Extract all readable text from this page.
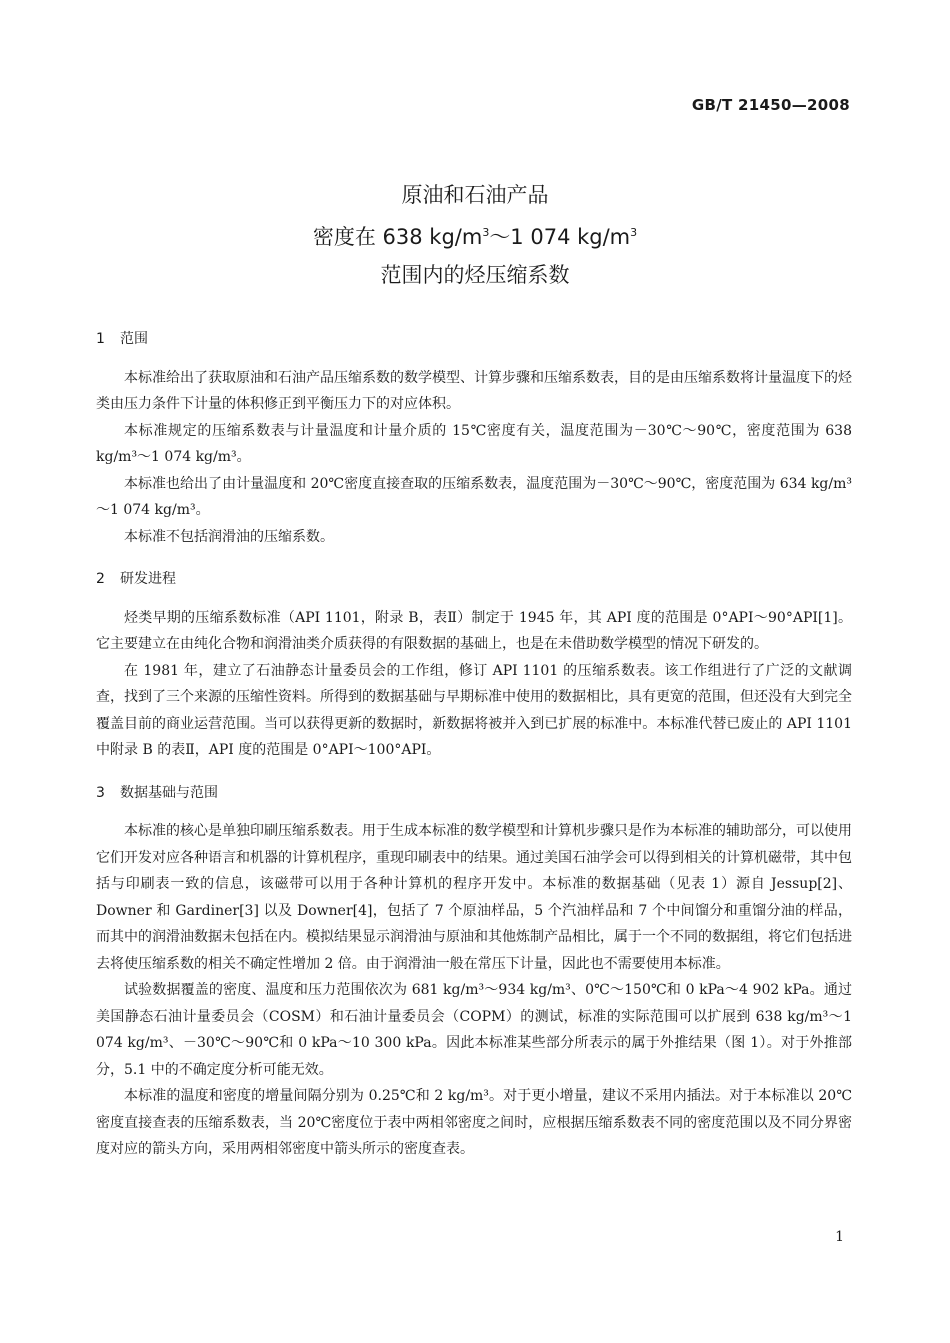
GB/T 21450—2008
原油和石油产品
密度在 638 $kg/m^3\sim 1$ 074 $kg/m^3$
范围内的烃压缩系数
1 范围

本标准给出了获取原油和石油产品压缩系数的数学模型、计算步骤和压缩系数表，目的是由压缩系数将计量温度下的烃类由压力条件下计量的体积修正到平衡压力下的对应体积。

本标准规定的压缩系数表与计量温度和计量介质的 15℃密度有关，温度范围为－30℃～90℃，密度范围为 638 kg/m³～1 074 kg/m³。

本标准也给出了由计量温度和 20℃密度直接查取的压缩系数表，温度范围为－30℃～90℃，密度范围为 634 kg/m³～1 074 kg/m³。

本标准不包括润滑油的压缩系数。

2 研发进程

烃类早期的压缩系数标准（API 1101，附录 B，表Ⅱ）制定于 1945 年，其 API 度的范围是 0°API～90°API[1]。它主要建立在由纯化合物和润滑油类介质获得的有限数据的基础上，也是在未借助数学模型的情况下研发的。

在 1981 年，建立了石油静态计量委员会的工作组，修订 API 1101 的压缩系数表。该工作组进行了广泛的文献调查，找到了三个来源的压缩性资料。所得到的数据基础与早期标准中使用的数据相比，具有更宽的范围，但还没有大到完全覆盖目前的商业运营范围。当可以获得更新的数据时，新数据将被并入到已扩展的标准中。本标准代替已废止的 API 1101 中附录 B 的表Ⅱ，API 度的范围是 0°API～100°API。

3 数据基础与范围

本标准的核心是单独印刷压缩系数表。用于生成本标准的数学模型和计算机步骤只是作为本标准的辅助部分，可以使用它们开发对应各种语言和机器的计算机程序，重现印刷表中的结果。通过美国石油学会可以得到相关的计算机磁带，其中包括与印刷表一致的信息，该磁带可以用于各种计算机的程序开发中。本标准的数据基础（见表 1）源自 Jessup[2]、Downer 和 Gardiner[3] 以及 Downer[4]，包括了 7 个原油样品，5 个汽油样品和 7 个中间馏分和重馏分油的样品，而其中的润滑油数据未包括在内。模拟结果显示润滑油与原油和其他炼制产品相比，属于一个不同的数据组，将它们包括进去将使压缩系数的相关不确定性增加 2 倍。由于润滑油一般在常压下计量，因此也不需要使用本标准。

试验数据覆盖的密度、温度和压力范围依次为 681 kg/m³～934 kg/m³、0℃～150℃和 0 kPa～4 902 kPa。通过美国静态石油计量委员会（COSM）和石油计量委员会（COPM）的测试，标准的实际范围可以扩展到 638 kg/m³～1 074 kg/m³、－30℃～90℃和 0 kPa～10 300 kPa。因此本标准某些部分所表示的属于外推结果（图 1）。对于外推部分，5.1 中的不确定度分析可能无效。

本标准的温度和密度的增量间隔分别为 0.25℃和 2 kg/m³。对于更小增量，建议不采用内插法。对于本标准以 20℃密度直接查表的压缩系数表，当 20℃密度位于表中两相邻密度之间时，应根据压缩系数表不同的密度范围以及不同分界密度对应的箭头方向，采用两相邻密度中箭头所示的密度查表。

1
